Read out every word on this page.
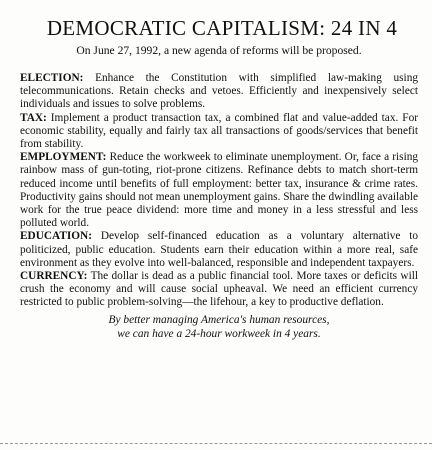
DEMOCRATIC CAPITALISM: 24 IN 4
On June 27, 1992, a new agenda of reforms will be proposed.

ELECTION: Enhance the Constitution with simplified law-making using telecommunications. Retain checks and vetoes. Efficiently and inexpensively select individuals and issues to solve problems.

TAX: Implement a product transaction tax, a combined flat and value-added tax. For economic stability, equally and fairly tax all transactions of goods/services that benefit from stability.

EMPLOYMENT: Reduce the workweek to eliminate unemployment. Or, face a rising rainbow mass of gun-toting, riot-prone citizens. Refinance debts to match short-term reduced income until benefits of full employment: better tax, insurance & crime rates. Productivity gains should not mean unemployment gains. Share the dwindling available work for the true peace dividend: more time and money in a less stressful and less polluted world.

EDUCATION: Develop self-financed education as a voluntary alternative to politicized, public education. Students earn their education within a more real, safe environment as they evolve into well-balanced, responsible and independent taxpayers.

CURRENCY: The dollar is dead as a public financial tool. More taxes or deficits will crush the economy and will cause social upheaval. We need an efficient currency restricted to public problem-solving—the lifehour, a key to productive deflation.

By better managing America's human resources,
we can have a 24-hour workweek in 4 years.
